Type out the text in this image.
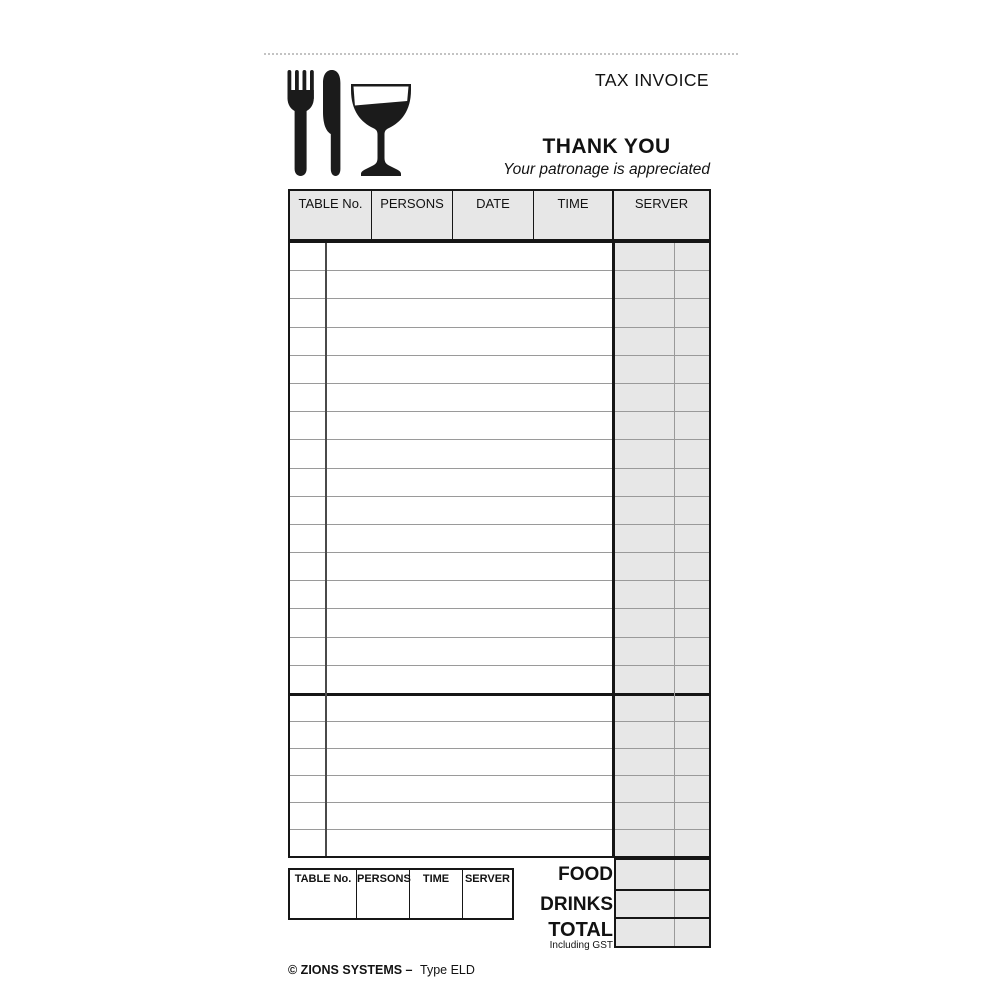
TAX INVOICE
THANK YOU
Your patronage is appreciated
TABLE No.	PERSONS	DATE	TIME	SERVER
FOOD
DRINKS
TOTAL
Including GST
TABLE No. PERSONS	TIME	SERVER
© ZIONS SYSTEMS – Type ELD
